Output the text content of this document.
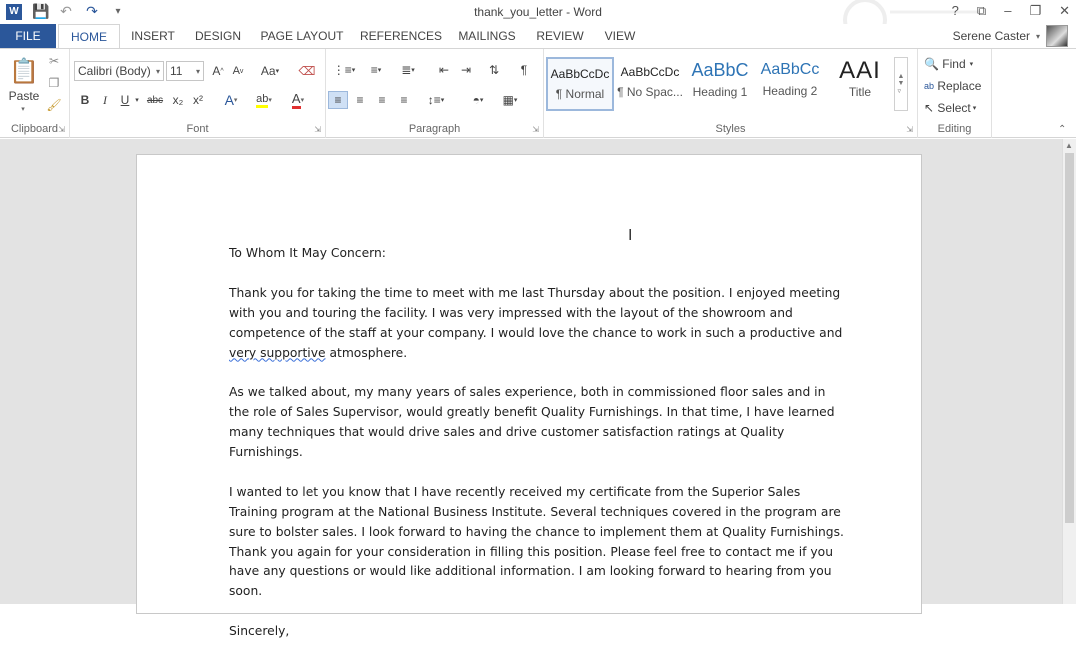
W 💾 ↶ ↷	▾	thank_you_letter - Word	? ⧉ – ❐ ✕
FILE	HOME	INSERT	DESIGN	PAGE LAYOUT	REFERENCES	MAILINGS	REVIEW	VIEW	Serene Caster ▾
📋
Paste
▾
✂
❐
🖌
Clipboard ⇲
Calibri (Body) ▾ 11 ▾ A ^ A v Aa ▾ ⌫
B	I	U ▾ abc x₂ x²	A ▾ ab ▾ A ▾
Font	⇲
⋮≡ ▾	≡ ▾	≣ ▾	⇤ ⇥	⇅	¶
≡	≡	≡	≡	↕≡ ▾	◓ ▾	▦ ▾
Paragraph	⇲
AaBbCcDc
¶ Normal
AaBbCcDc
¶ No Spac...
AaBbC
Heading 1
AaBbCc
Heading 2
AAI
Title
▲
▼
▿
Styles	⇲
🔍
Find ▾
ab
Replace
↖
Select ▾
Editing	⌃

To Whom It May Concern:

Thank you for taking the time to meet with me last Thursday about the position. I enjoyed meeting with you and touring the facility. I was very impressed with the layout of the showroom and competence of the staff at your company. I would love the chance to work in such a productive and very supportive atmosphere.

As we talked about, my many years of sales experience, both in commissioned floor sales and in the role of Sales Supervisor, would greatly benefit Quality Furnishings. In that time, I have learned many techniques that would drive sales and drive customer satisfaction ratings at Quality Furnishings.

I wanted to let you know that I have recently received my certificate from the Superior Sales Training program at the National Business Institute. Several techniques covered in the program are sure to bolster sales. I look forward to having the chance to implement them at Quality Furnishings.

Thank you again for your consideration in filling this position. Please feel free to contact me if you have any questions or would like additional information. I am looking forward to hearing from you soon.

Sincerely,

I
▲
